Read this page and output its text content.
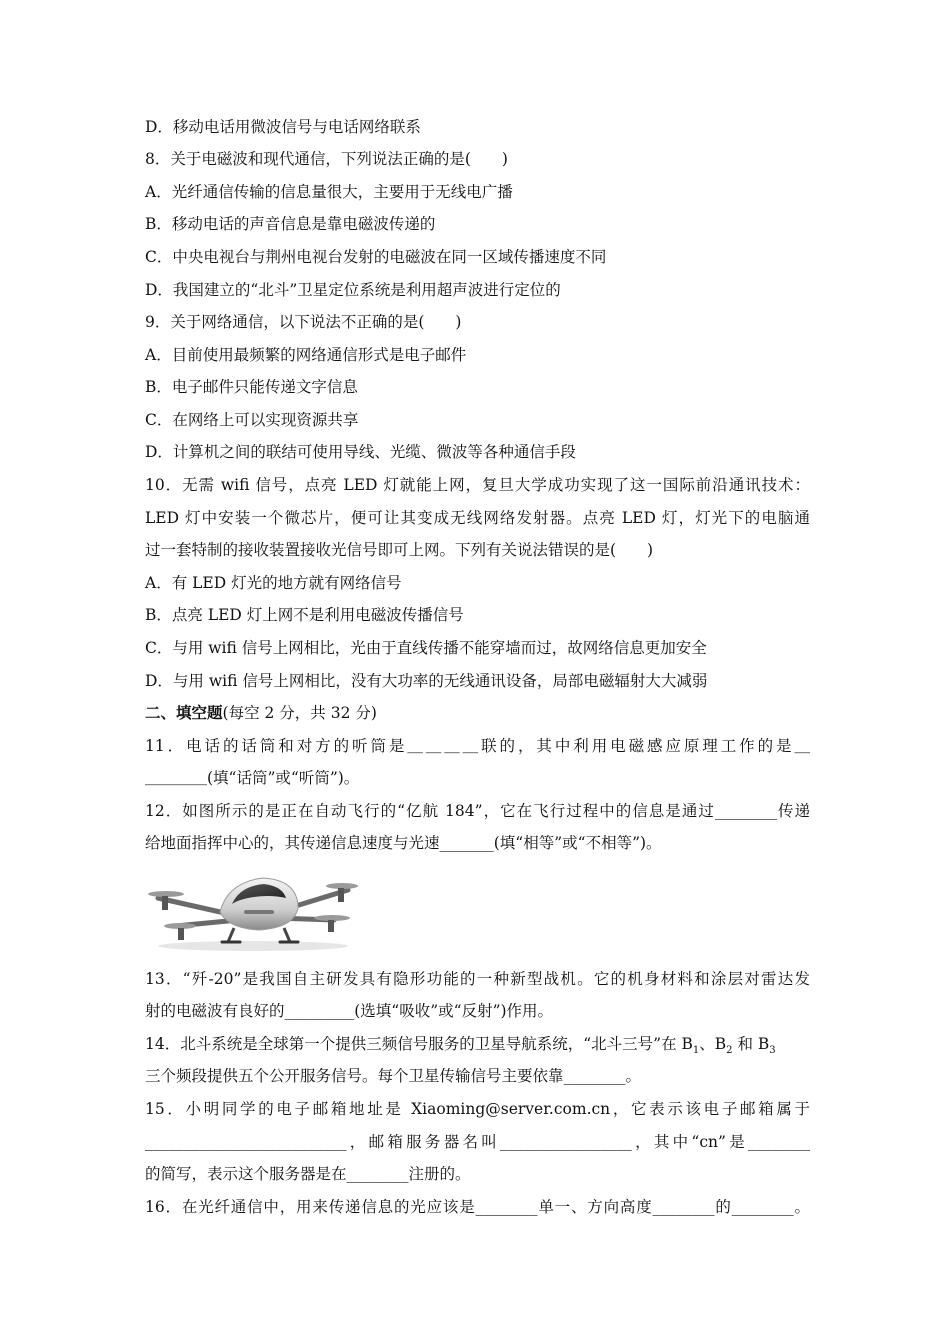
D．移动电话用微波信号与电话网络联系
8．关于电磁波和现代通信，下列说法正确的是(　　)
A．光纤通信传输的信息量很大，主要用于无线电广播
B．移动电话的声音信息是靠电磁波传递的
C．中央电视台与荆州电视台发射的电磁波在同一区域传播速度不同
D．我国建立的“北斗”卫星定位系统是利用超声波进行定位的
9．关于网络通信，以下说法不正确的是(　　)
A．目前使用最频繁的网络通信形式是电子邮件
B．电子邮件只能传递文字信息
C．在网络上可以实现资源共享
D．计算机之间的联结可使用导线、光缆、微波等各种通信手段
10．无需 wifi 信号，点亮 LED 灯就能上网，复旦大学成功实现了这一国际前沿通讯技术：
LED 灯中安装一个微芯片，便可让其变成无线网络发射器。点亮 LED 灯，灯光下的电脑通
过一套特制的接收装置接收光信号即可上网。下列有关说法错误的是(　　)
A．有 LED 灯光的地方就有网络信号
B．点亮 LED 灯上网不是利用电磁波传播信号
C．与用 wifi 信号上网相比，光由于直线传播不能穿墙而过，故网络信息更加安全
D．与用 wifi 信号上网相比，没有大功率的无线通讯设备，局部电磁辐射大大减弱
二、填空题(每空 2 分，共 32 分)
11．电话的话筒和对方的听筒是＿＿＿＿联的，其中利用电磁感应原理工作的是＿
＿＿＿＿(填“话筒”或“听筒”)。
12．如图所示的是正在自动飞行的“亿航 184”，它在飞行过程中的信息是通过________传递
给地面指挥中心的，其传递信息速度与光速_______(填“相等”或“不相等”)。
13．“歼-20”是我国自主研发具有隐形功能的一种新型战机。它的机身材料和涂层对雷达发
射的电磁波有良好的_________(选填“吸收”或“反射”)作用。
14．北斗系统是全球第一个提供三频信号服务的卫星导航系统，“北斗三号”在 $B_1$、$B_2$ 和 $B_3$
三个频段提供五个公开服务信号。每个卫星传输信号主要依靠________。
15．小明同学的电子邮箱地址是 Xiaoming@server.com.cn，它表示该电子邮箱属于
__________________________，邮箱服务器名叫_________________，其中“cn”是________
的简写，表示这个服务器是在________注册的。
16．在光纤通信中，用来传递信息的光应该是________单一、方向高度________的________。
